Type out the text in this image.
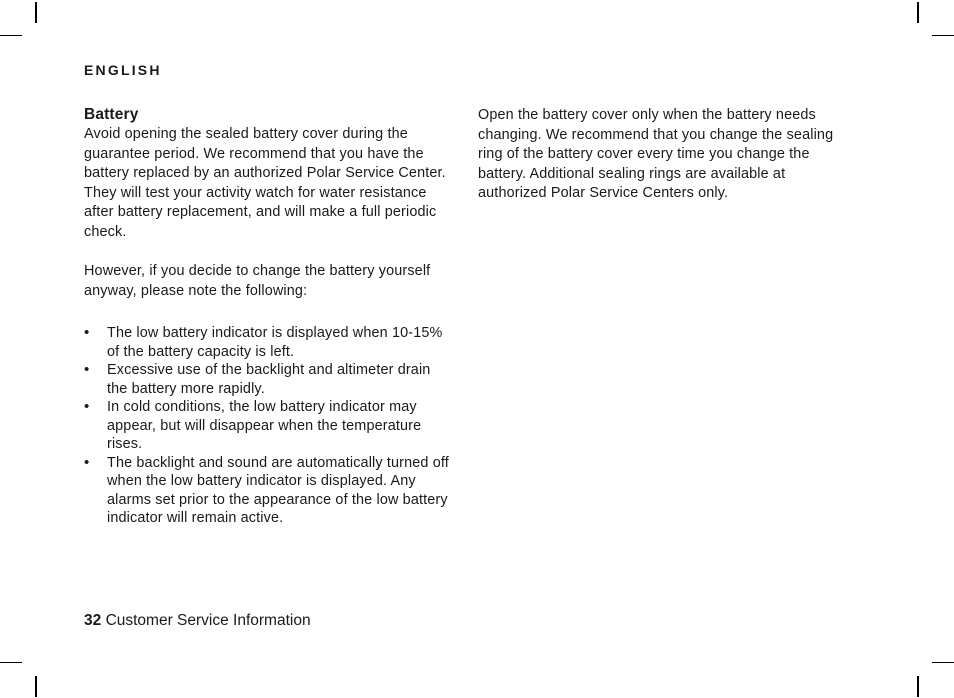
ENGLISH
Battery

Avoid opening the sealed battery cover during the guarantee period. We recommend that you have the battery replaced by an authorized Polar Service Center. They will test your activity watch for water resistance after battery replacement, and will make a full periodic check.

However, if you decide to change the battery yourself anyway, please note the following:

• The low battery indicator is displayed when 10-15% of the battery capacity is left.
• Excessive use of the backlight and altimeter drain the battery more rapidly.
• In cold conditions, the low battery indicator may appear, but will disappear when the temperature rises.
• The backlight and sound are automatically turned off when the low battery indicator is displayed. Any alarms set prior to the appearance of the low battery indicator will remain active.

Open the battery cover only when the battery needs changing. We recommend that you change the sealing ring of the battery cover every time you change the battery. Additional sealing rings are available at authorized Polar Service Centers only.

32 Customer Service Information
